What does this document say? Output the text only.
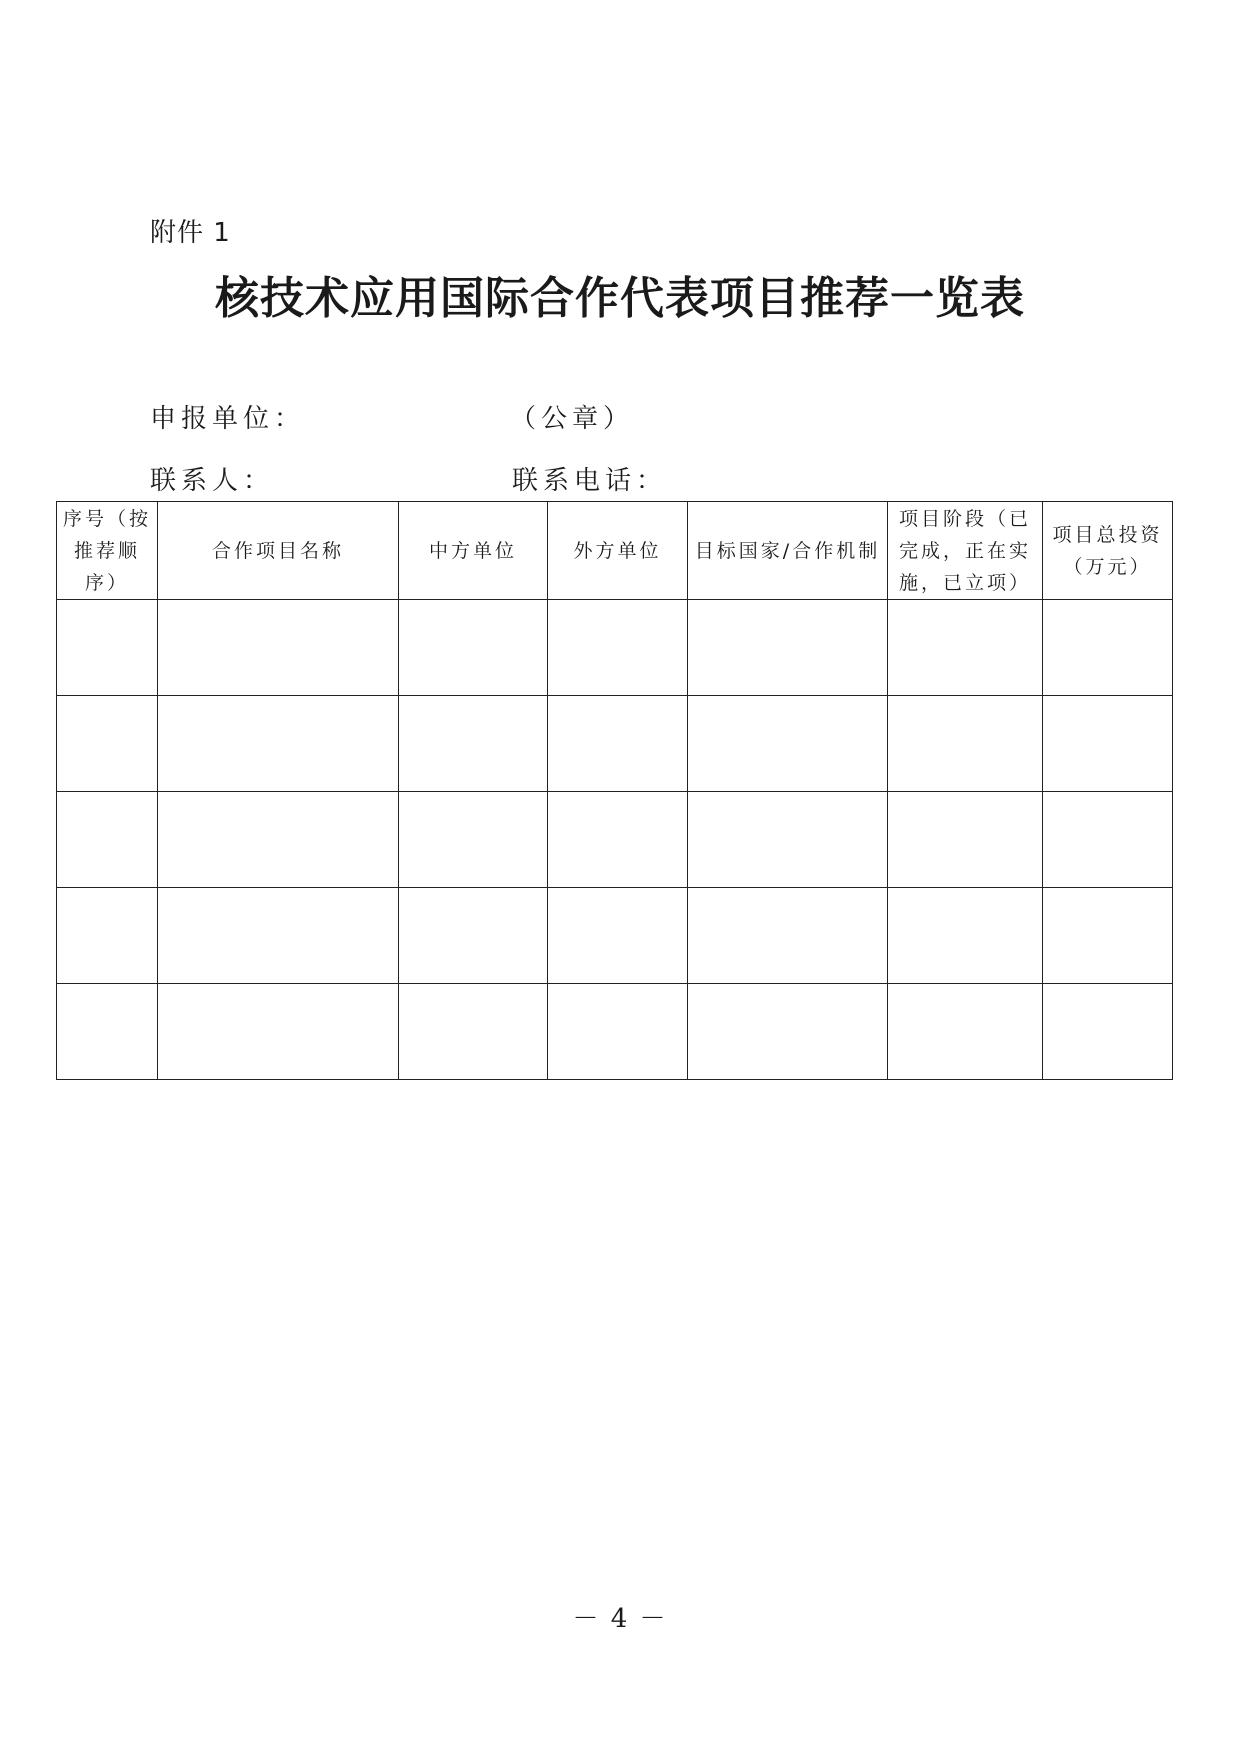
附件 1
核技术应用国际合作代表项目推荐一览表
申报单位：	（公章）
联系人：	联系电话：
序号（按推荐顺序）	合作项目名称	中方单位	外方单位	目标国家/合作机制	项目阶段（已完成，正在实施，已立项）	项目总投资（万元）

－ 4 －
